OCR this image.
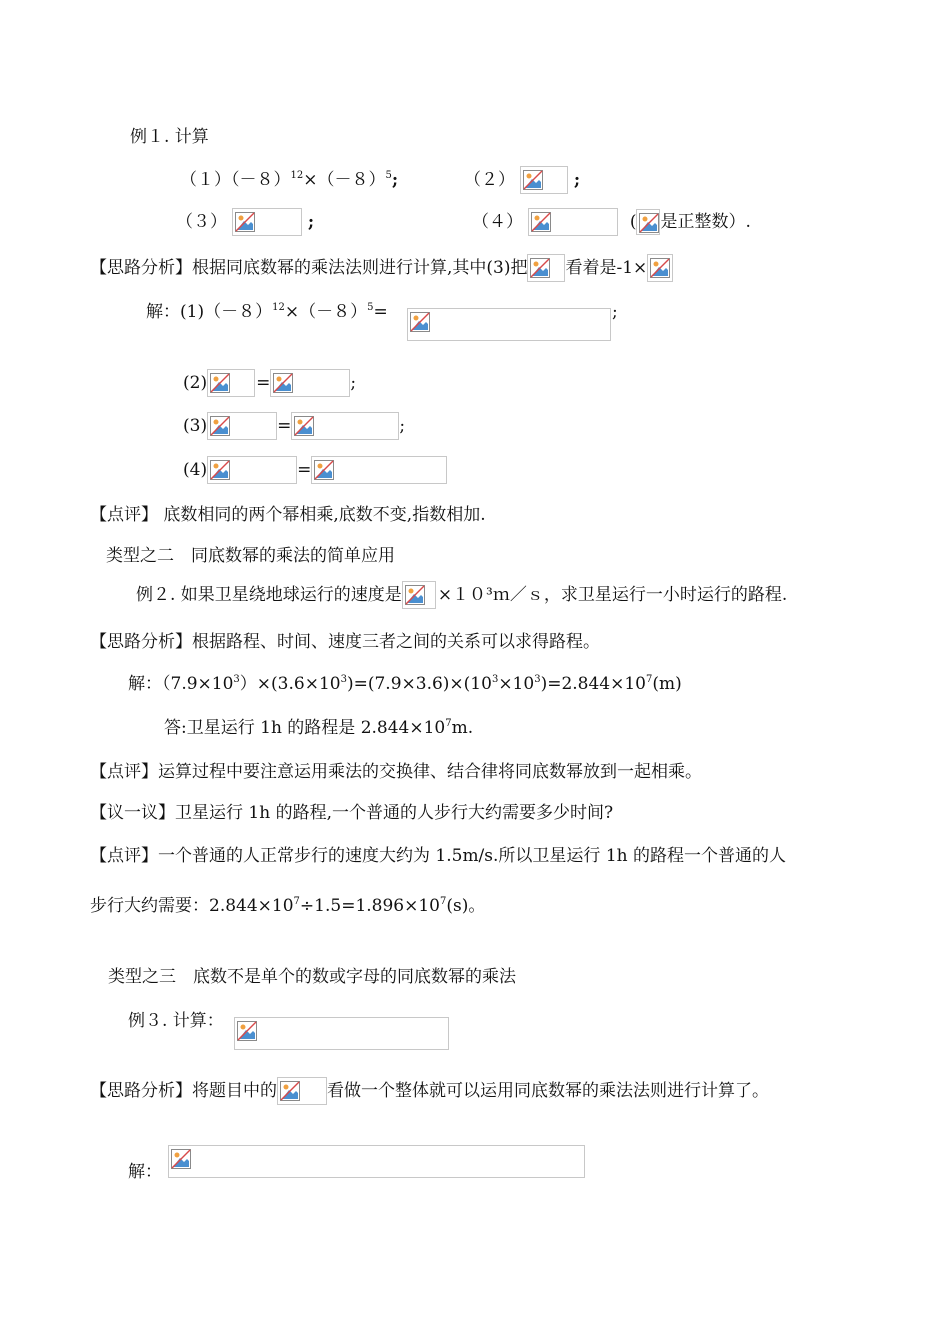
例１. 计算
$(1)(-8)^{12}\times(-8)^5$;	（２）	;
（３）	;	（４）	( 是正整数）.
【思路分析】根据同底数幂的乘法法则进行计算,其中(3)把 看着是-1×
解：$(1)(-8)^{12}\times(-8)^5=$	;
(2)	=	;
(3)	=	;
(4)	=
【点评】 底数相同的两个幂相乘,底数不变,指数相加.
类型之二　同底数幂的乘法的简单应用
例２. 如果卫星绕地球运行的速度是 ×１０³ｍ／ｓ，求卫星运行一小时运行的路程.
【思路分析】根据路程、时间、速度三者之间的关系可以求得路程。
解：$(7.9\times 10^3)\times(3.6\times 10^3)=(7.9\times 3.6)\times(10^3\times 10^3)=2.844\times 10^7(m)$
答:卫星运行 1h 的路程是 $2.844\times 10^7m$.
【点评】运算过程中要注意运用乘法的交换律、结合律将同底数幂放到一起相乘。
【议一议】卫星运行 1h 的路程,一个普通的人步行大约需要多少时间?
【点评】一个普通的人正常步行的速度大约为 1.5m/s.所以卫星运行 1h 的路程一个普通的人
步行大约需要：$2.844\times 10^7\div 1.5=1.896\times 10^7(s)$。
类型之三　底数不是单个的数或字母的同底数幂的乘法
例３. 计算：
【思路分析】将题目中的	看做一个整体就可以运用同底数幂的乘法法则进行计算了。
解：
